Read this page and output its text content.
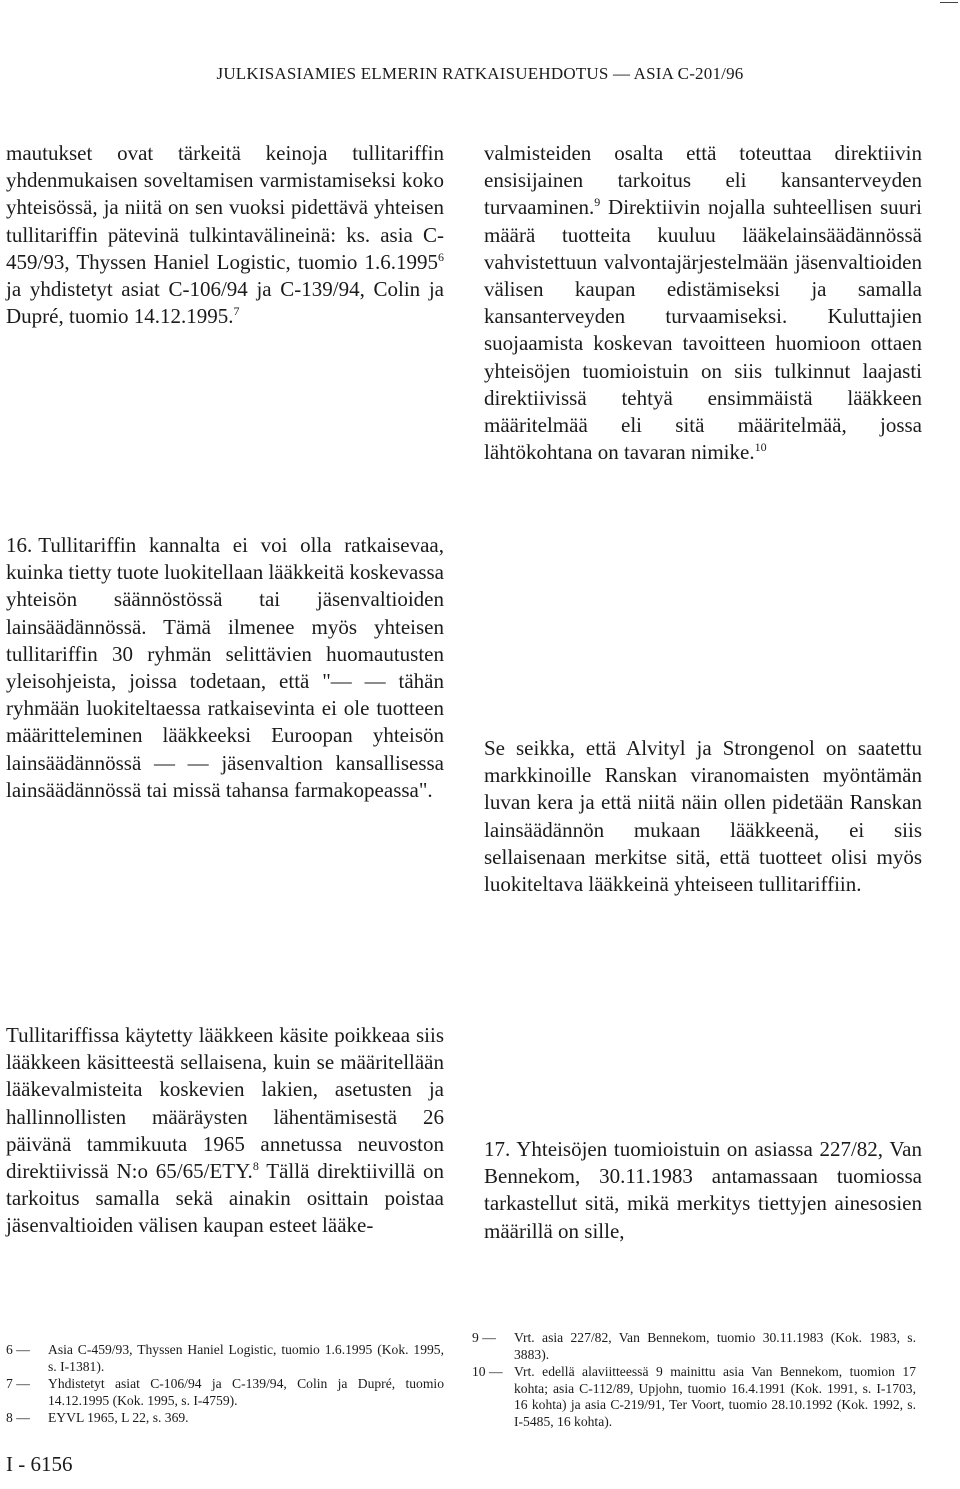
JULKISASIAMIES ELMERIN RATKAISUEHDOTUS — ASIA C-201/96
mautukset ovat tärkeitä keinoja tullitariffin yhdenmukaisen soveltamisen varmistamiseksi koko yhteisössä, ja niitä on sen vuoksi pidettävä yhteisen tullitariffin pätevinä tulkintavälineinä: ks. asia C-459/93, Thyssen Haniel Logistic, tuomio 1.6.1995$^6$ ja yhdistetyt asiat C-106/94 ja C-139/94, Colin ja Dupré, tuomio 14.12.1995.$^7$
16. Tullitariffin kannalta ei voi olla ratkaisevaa, kuinka tietty tuote luokitellaan lääkkeitä koskevassa yhteisön säännöstössä tai jäsenvaltioiden lainsäädännössä. Tämä ilmenee myös yhteisen tullitariffin 30 ryhmän selittävien huomautusten yleisohjeista, joissa todetaan, että "— — tähän ryhmään luokiteltaessa ratkaisevinta ei ole tuotteen määritteleminen lääkkeeksi Euroopan yhteisön lainsäädännössä — — jäsenvaltion kansallisessa lainsäädännössä tai missä tahansa farmakopeassa".
Tullitariffissa käytetty lääkkeen käsite poikkeaa siis lääkkeen käsitteestä sellaisena, kuin se määritellään lääkevalmisteita koskevien lakien, asetusten ja hallinnollisten määräysten lähentämisestä 26 päivänä tammikuuta 1965 annetussa neuvoston direktiivissä N:o 65/65/ETY.$^8$ Tällä direktiivillä on tarkoitus samalla sekä ainakin osittain poistaa jäsenvaltioiden välisen kaupan esteet lääke-
valmisteiden osalta että toteuttaa direktiivin ensisijainen tarkoitus eli kansanterveyden turvaaminen.$^9$ Direktiivin nojalla suhteellisen suuri määrä tuotteita kuuluu lääkelainsäädännössä vahvistettuun valvontajärjestelmään jäsenvaltioiden välisen kaupan edistämiseksi ja samalla kansanterveyden turvaamiseksi. Kuluttajien suojaamista koskevan tavoitteen huomioon ottaen yhteisöjen tuomioistuin on siis tulkinnut laajasti direktiivissä tehtyä ensimmäistä lääkkeen määritelmää eli sitä määritelmää, jossa lähtökohtana on tavaran nimike.$^{10}$
Se seikka, että Alvityl ja Strongenol on saatettu markkinoille Ranskan viranomaisten myöntämän luvan kera ja että niitä näin ollen pidetään Ranskan lainsäädännön mukaan lääkkeenä, ei siis sellaisenaan merkitse sitä, että tuotteet olisi myös luokiteltava lääkkeinä yhteiseen tullitariffiin.
17. Yhteisöjen tuomioistuin on asiassa 227/82, Van Bennekom, 30.11.1983 antamassaan tuomiossa tarkastellut sitä, mikä merkitys tiettyjen ainesosien määrillä on sille,
6 —	Asia C-459/93, Thyssen Haniel Logistic, tuomio 1.6.1995 (Kok. 1995, s. I-1381).
7 —	Yhdistetyt asiat C-106/94 ja C-139/94, Colin ja Dupré, tuomio 14.12.1995 (Kok. 1995, s. I-4759).
8 —	EYVL 1965, L 22, s. 369.
9 —	Vrt. asia 227/82, Van Bennekom, tuomio 30.11.1983 (Kok. 1983, s. 3883).
10 — Vrt. edellä alaviitteessä 9 mainittu asia Van Bennekom, tuomion 17 kohta; asia C-112/89, Upjohn, tuomio 16.4.1991 (Kok. 1991, s. I-1703, 16 kohta) ja asia C-219/91, Ter Voort, tuomio 28.10.1992 (Kok. 1992, s. I-5485, 16 kohta).
I - 6156
